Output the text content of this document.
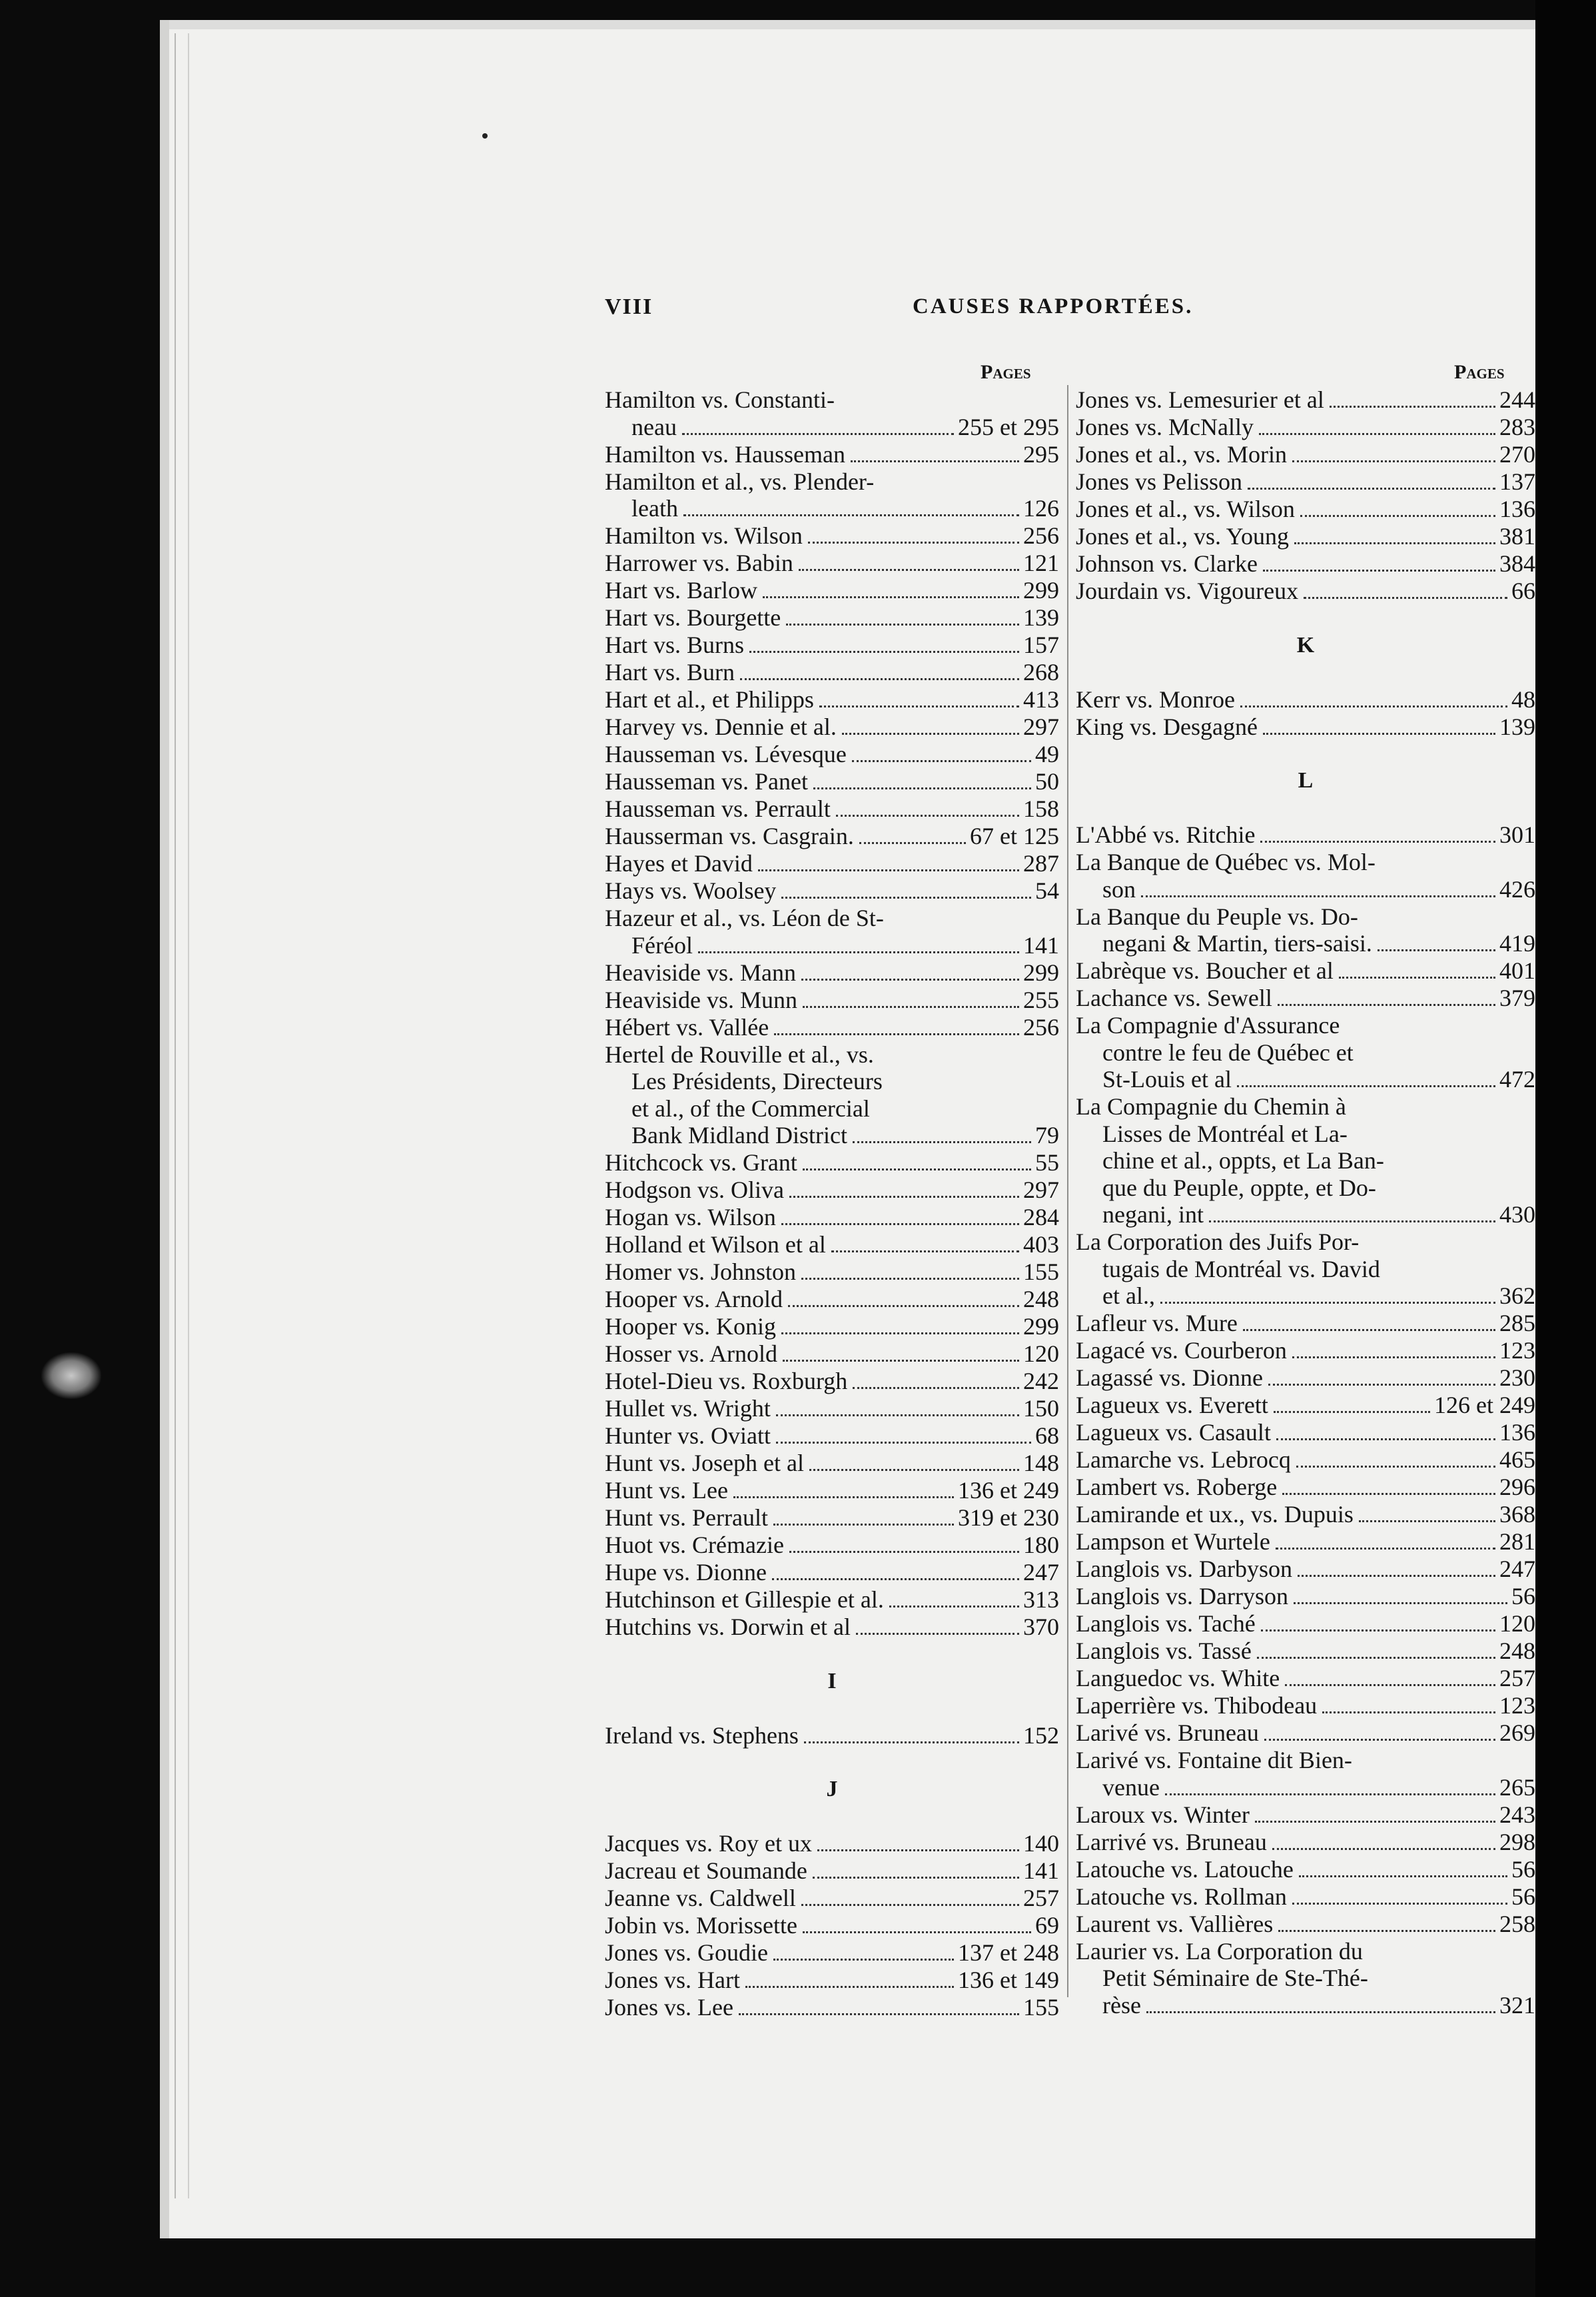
VIII	CAUSES RAPPORTÉES.
Pages	Pages
Hamilton vs. Constanti-
neau	255 et 295
Hamilton vs. Hausseman	295
Hamilton et al., vs. Plender-
leath	126
Hamilton vs. Wilson	256
Harrower vs. Babin	121
Hart vs. Barlow	299
Hart vs. Bourgette	139
Hart vs. Burns	157
Hart vs. Burn	268
Hart et al., et Philipps	413
Harvey vs. Dennie et al.	297
Hausseman vs. Lévesque	49
Hausseman vs. Panet	50
Hausseman vs. Perrault	158
Hausserman vs. Casgrain.	67 et 125
Hayes et David	287
Hays vs. Woolsey	54
Hazeur et al., vs. Léon de St-
Féréol	141
Heaviside vs. Mann	299
Heaviside vs. Munn	255
Hébert vs. Vallée	256
Hertel de Rouville et al., vs.
Les Présidents, Directeurs
et al., of the Commercial
Bank Midland District	79
Hitchcock vs. Grant	55
Hodgson vs. Oliva	297
Hogan vs. Wilson	284
Holland et Wilson et al	403
Homer vs. Johnston	155
Hooper vs. Arnold	248
Hooper vs. Konig	299
Hosser vs. Arnold	120
Hotel-Dieu vs. Roxburgh	242
Hullet vs. Wright	150
Hunter vs. Oviatt	68
Hunt vs. Joseph et al	148
Hunt vs. Lee	136 et 249
Hunt vs. Perrault	319 et 230
Huot vs. Crémazie	180
Hupe vs. Dionne	247
Hutchinson et Gillespie et al.	313
Hutchins vs. Dorwin et al	370
I
Ireland vs. Stephens	152
J
Jacques vs. Roy et ux	140
Jacreau et Soumande	141
Jeanne vs. Caldwell	257
Jobin vs. Morissette	69
Jones vs. Goudie	137 et 248
Jones vs. Hart	136 et 149
Jones vs. Lee	155
Jones vs. Lemesurier et al	244
Jones vs. McNally	283
Jones et al., vs. Morin	270
Jones vs Pelisson	137
Jones et al., vs. Wilson	136
Jones et al., vs. Young	381
Johnson vs. Clarke	384
Jourdain vs. Vigoureux	66
K
Kerr vs. Monroe	48
King vs. Desgagné	139
L
L'Abbé vs. Ritchie	301
La Banque de Québec vs. Mol-
son	426
La Banque du Peuple vs. Do-
negani & Martin, tiers-saisi.	419
Labrèque vs. Boucher et al	401
Lachance vs. Sewell	379
La Compagnie d'Assurance
contre le feu de Québec et
St-Louis et al	472
La Compagnie du Chemin à
Lisses de Montréal et La-
chine et al., oppts, et La Ban-
que du Peuple, oppte, et Do-
negani, int	430
La Corporation des Juifs Por-
tugais de Montréal vs. David
et al.,	362
Lafleur vs. Mure	285
Lagacé vs. Courberon	123
Lagassé vs. Dionne	230
Lagueux vs. Everett	126 et 249
Lagueux vs. Casault	136
Lamarche vs. Lebrocq	465
Lambert vs. Roberge	296
Lamirande et ux., vs. Dupuis	368
Lampson et Wurtele	281
Langlois vs. Darbyson	247
Langlois vs. Darryson	56
Langlois vs. Taché	120
Langlois vs. Tassé	248
Languedoc vs. White	257
Laperrière vs. Thibodeau	123
Larivé vs. Bruneau	269
Larivé vs. Fontaine dit Bien-
venue	265
Laroux vs. Winter	243
Larrivé vs. Bruneau	298
Latouche vs. Latouche	56
Latouche vs. Rollman	56
Laurent vs. Vallières	258
Laurier vs. La Corporation du
Petit Séminaire de Ste-Thé-
rèse	321
